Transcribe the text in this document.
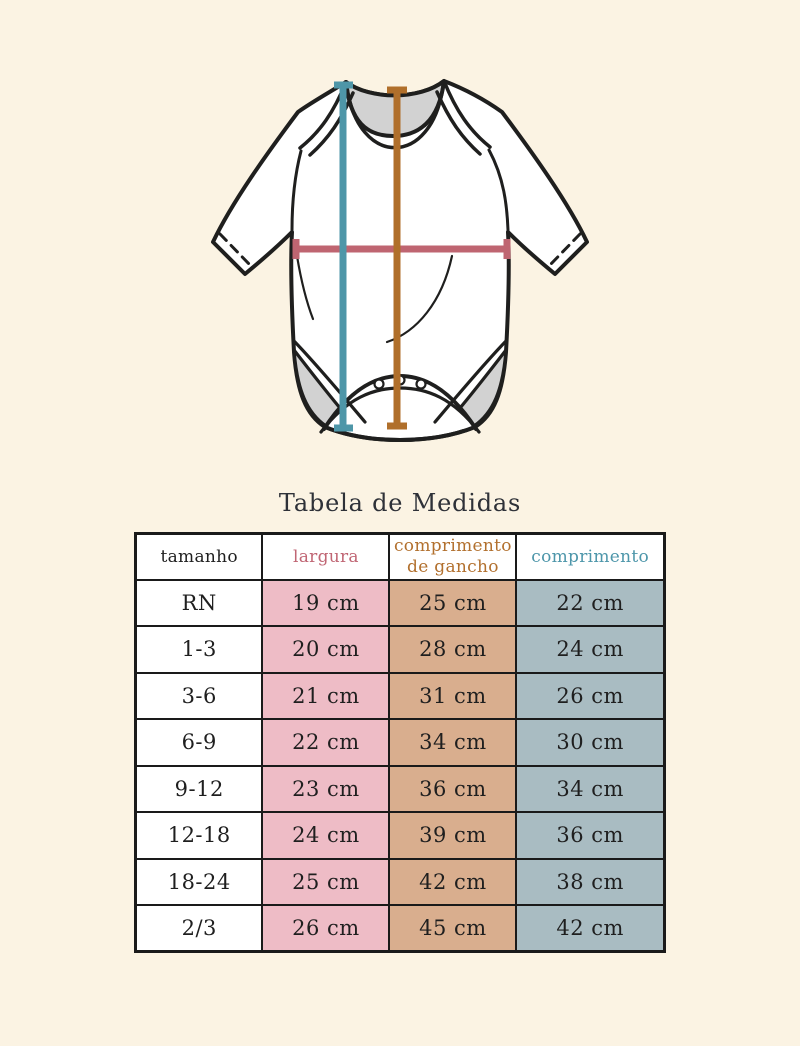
Tabela de Medidas
tamanho	largura	comprimento de gancho	comprimento
RN	19 cm	25 cm	22 cm
1-3	20 cm	28 cm	24 cm
3-6	21 cm	31 cm	26 cm
6-9	22 cm	34 cm	30 cm
9-12	23 cm	36 cm	34 cm
12-18	24 cm	39 cm	36 cm
18-24	25 cm	42 cm	38 cm
2/3	26 cm	45 cm	42 cm
